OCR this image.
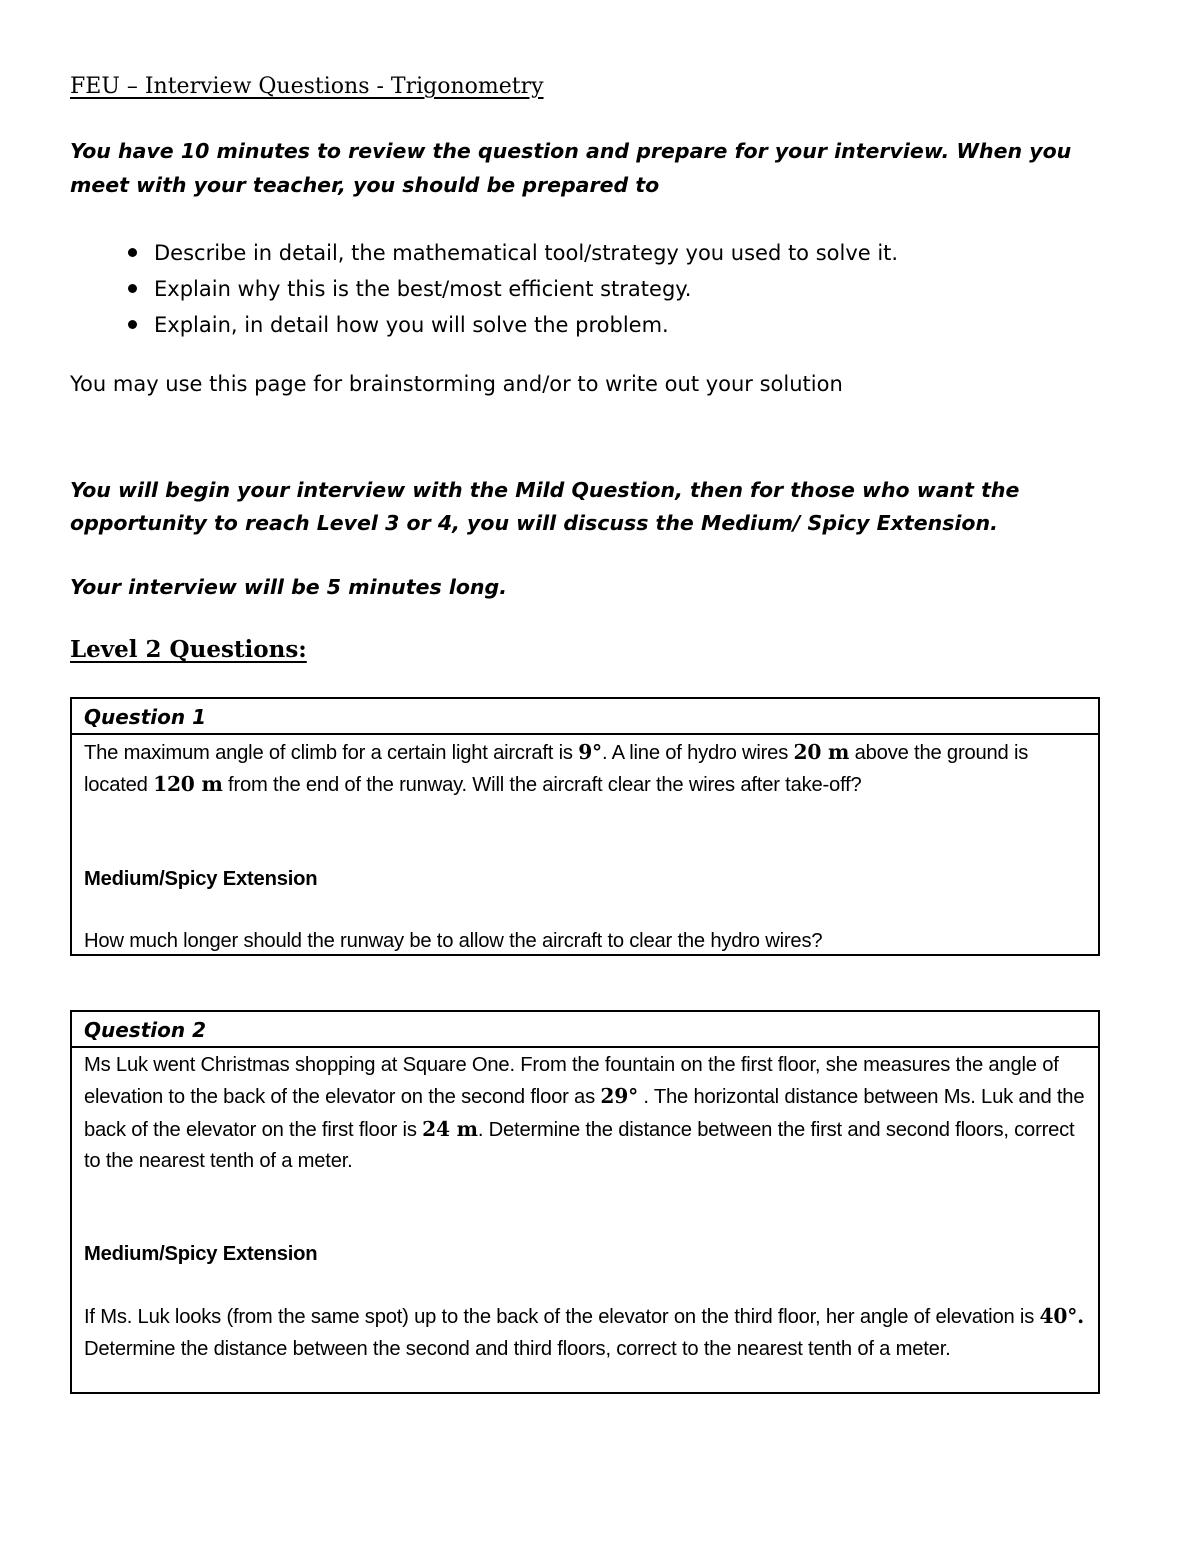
FEU – Interview Questions - Trigonometry
You have 10 minutes to review the question and prepare for your interview. When you meet with your teacher, you should be prepared to
Describe in detail, the mathematical tool/strategy you used to solve it.
Explain why this is the best/most efficient strategy.
Explain, in detail how you will solve the problem.
You may use this page for brainstorming and/or to write out your solution
You will begin your interview with the Mild Question, then for those who want the opportunity to reach Level 3 or 4, you will discuss the Medium/ Spicy Extension.
Your interview will be 5 minutes long.
Level 2 Questions:
Question 1

The maximum angle of climb for a certain light aircraft is 9°. A line of hydro wires 20 m above the ground is located 120 m from the end of the runway. Will the aircraft clear the wires after take-off?

Medium/Spicy Extension

How much longer should the runway be to allow the aircraft to clear the hydro wires?

Question 2

Ms Luk went Christmas shopping at Square One. From the fountain on the first floor, she measures the angle of elevation to the back of the elevator on the second floor as 29° . The horizontal distance between Ms. Luk and the back of the elevator on the first floor is 24 m. Determine the distance between the first and second floors, correct to the nearest tenth of a meter.

Medium/Spicy Extension

If Ms. Luk looks (from the same spot) up to the back of the elevator on the third floor, her angle of elevation is 40°. Determine the distance between the second and third floors, correct to the nearest tenth of a meter.
